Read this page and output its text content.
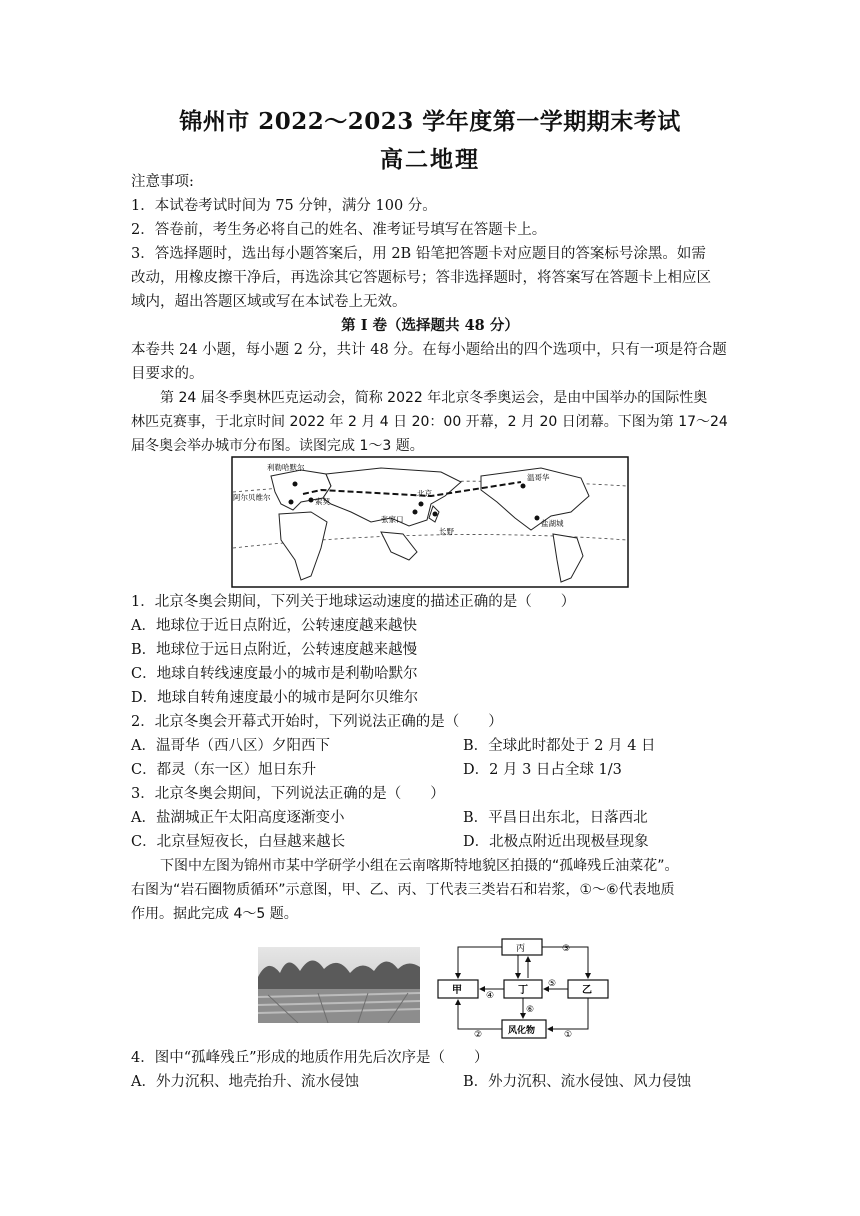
锦州市 2022～2023 学年度第一学期期末考试
高二地理
注意事项:
1．本试卷考试时间为 75 分钟，满分 100 分。
2．答卷前，考生务必将自己的姓名、准考证号填写在答题卡上。
3．答选择题时，选出每小题答案后，用 2B 铅笔把答题卡对应题目的答案标号涂黑。如需
改动，用橡皮擦干净后，再选涂其它答题标号；答非选择题时，将答案写在答题卡上相应区
域内，超出答题区域或写在本试卷上无效。
第 I 卷（选择题共 48 分）
本卷共 24 小题，每小题 2 分，共计 48 分。在每小题给出的四个选项中，只有一项是符合题
目要求的。
第 24 届冬季奥林匹克运动会，简称 2022 年北京冬季奥运会，是由中国举办的国际性奥
林匹克赛事，于北京时间 2022 年 2 月 4 日 20：00 开幕，2 月 20 日闭幕。下图为第 17～24
届冬奥会举办城市分布图。读图完成 1～3 题。
利勒哈默尔
阿尔贝维尔	索契
北京
张家口
长野
温哥华
盐湖城
1．北京冬奥会期间，下列关于地球运动速度的描述正确的是（　　）
A．地球位于近日点附近，公转速度越来越快
B．地球位于远日点附近，公转速度越来越慢
C．地球自转线速度最小的城市是利勒哈默尔
D．地球自转角速度最小的城市是阿尔贝维尔
2．北京冬奥会开幕式开始时，下列说法正确的是（　　）
A．温哥华（西八区）夕阳西下	B．全球此时都处于 2 月 4 日
C．都灵（东一区）旭日东升	D．2 月 3 日占全球 1/3
3．北京冬奥会期间，下列说法正确的是（　　）
A．盐湖城正午太阳高度逐渐变小	B．平昌日出东北，日落西北
C．北京昼短夜长，白昼越来越长	D．北极点附近出现极昼现象
下图中左图为锦州市某中学研学小组在云南喀斯特地貌区拍摄的“孤峰残丘油菜花”。
右图为“岩石圈物质循环”示意图，甲、乙、丙、丁代表三类岩石和岩浆，①～⑥代表地质
作用。据此完成 4～5 题。
丙
甲	丁	乙
风化物
③
⑤
④
⑥
②	①
4．图中“孤峰残丘”形成的地质作用先后次序是（　　）
A．外力沉积、地壳抬升、流水侵蚀	B．外力沉积、流水侵蚀、风力侵蚀
